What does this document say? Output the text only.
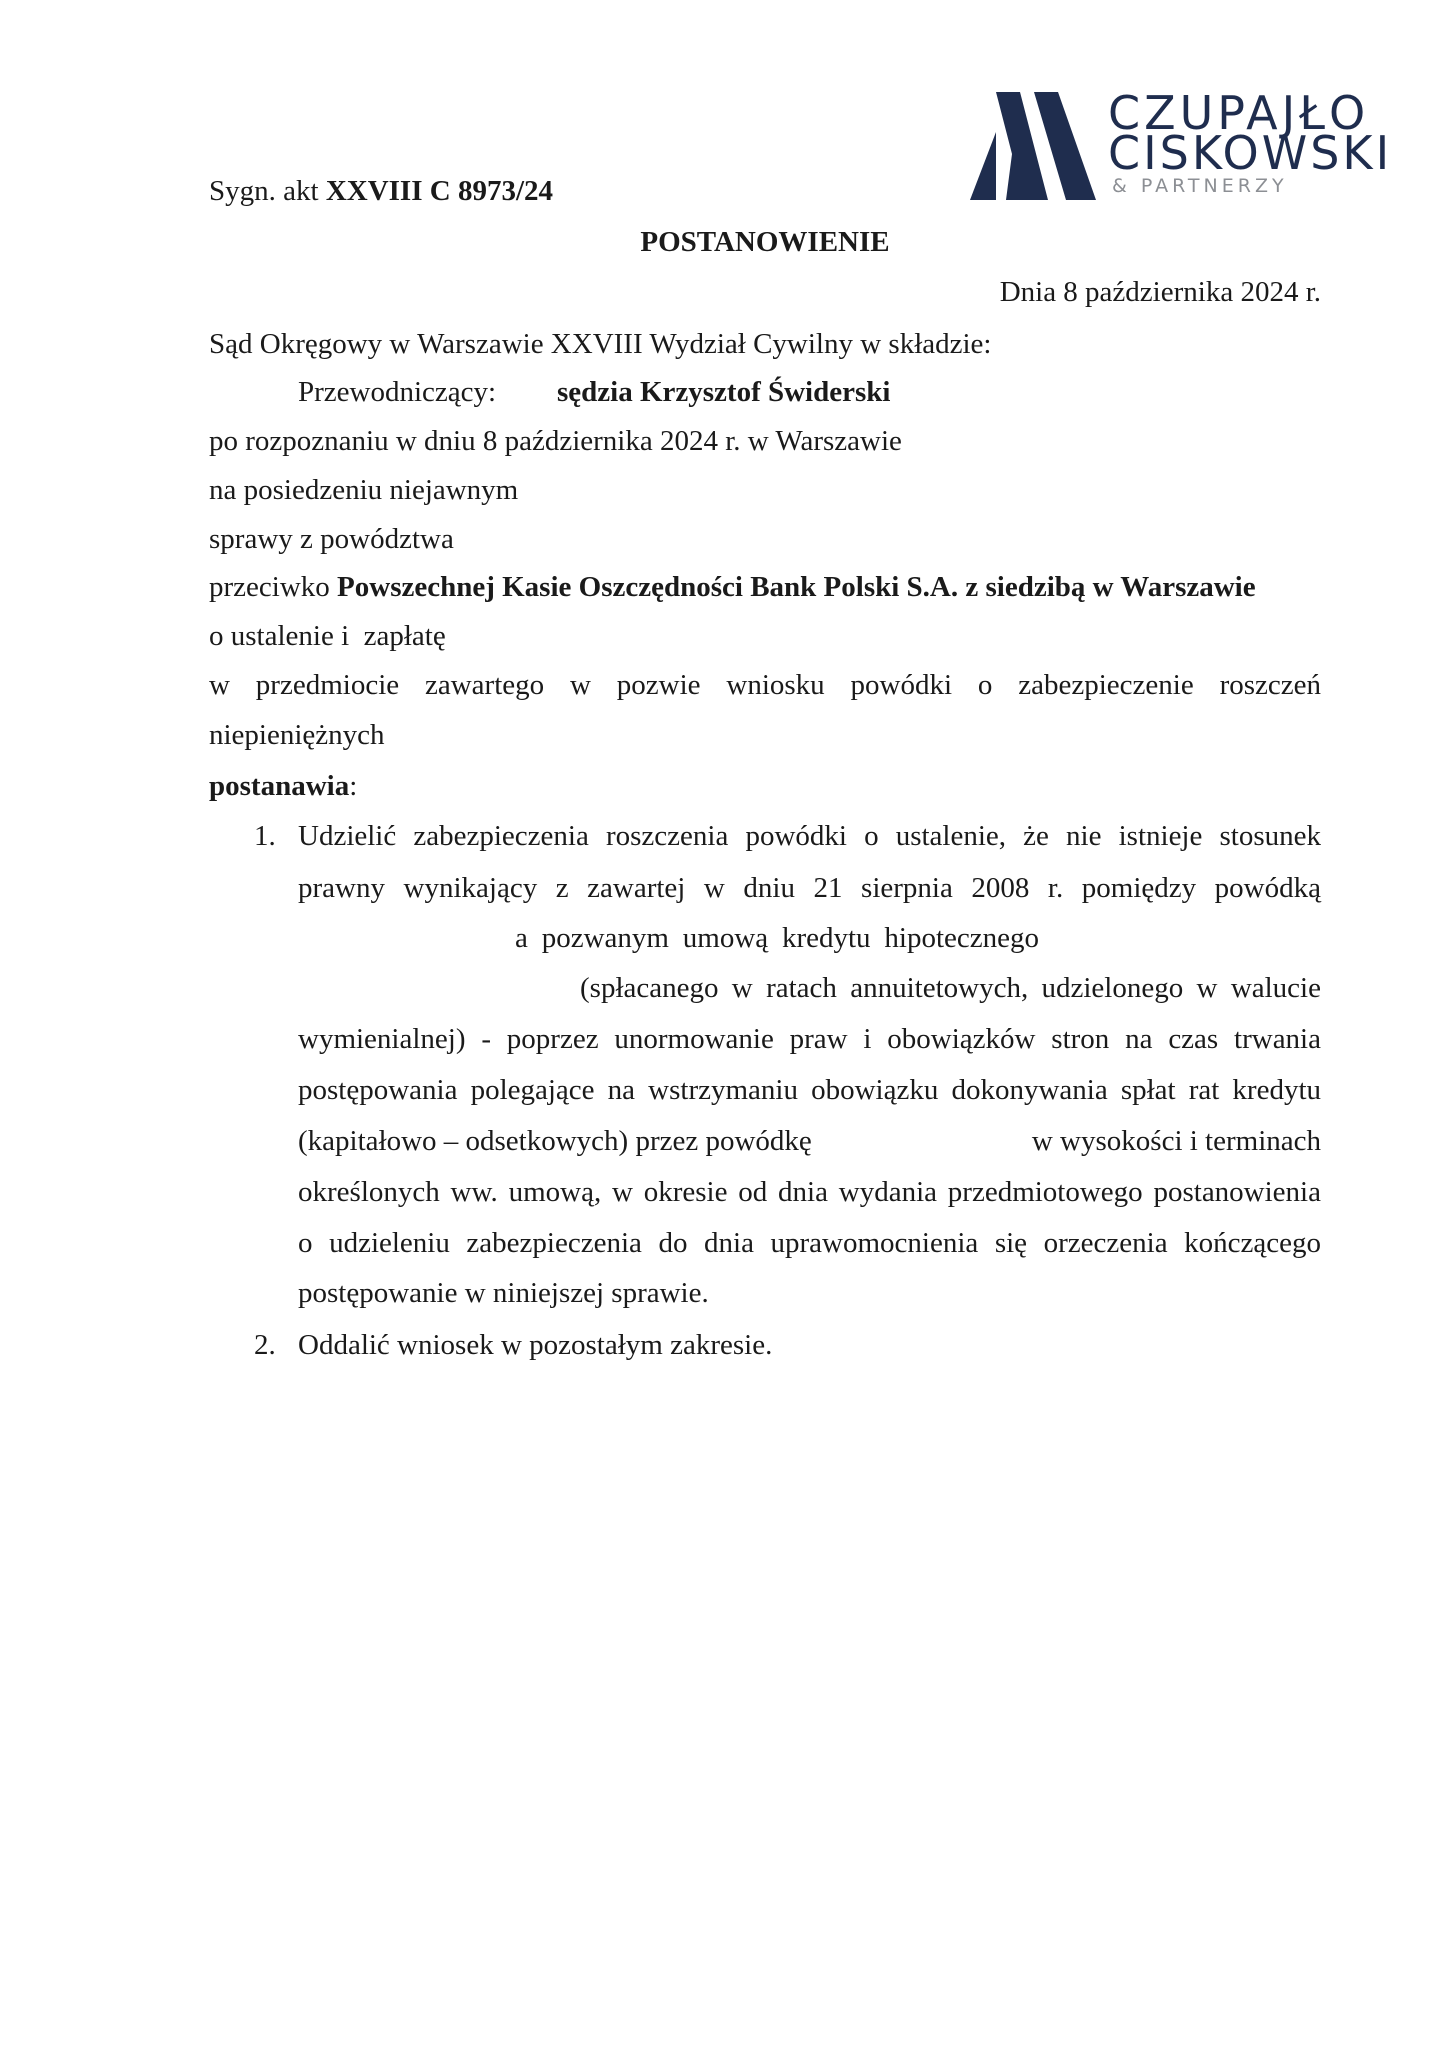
CZUPAJŁO
CISKOWSKI
& PARTNERZY
Sygn. akt XXVIII C 8973/24
POSTANOWIENIE
Dnia 8 października 2024 r.
Sąd Okręgowy w Warszawie XXVIII Wydział Cywilny w składzie:
Przewodniczący: sędzia Krzysztof Świderski
po rozpoznaniu w dniu 8 października 2024 r. w Warszawie
na posiedzeniu niejawnym
sprawy z powództwa
przeciwko Powszechnej Kasie Oszczędności Bank Polski S.A. z siedzibą w Warszawie
o ustalenie i  zapłatę
w przedmiocie zawartego w pozwie wniosku powódki o zabezpieczenie roszczeń
niepieniężnych
postanawia:
1. Udzielić zabezpieczenia roszczenia powódki o ustalenie, że nie istnieje stosunek
prawny wynikający z zawartej w dniu 21 sierpnia 2008 r. pomiędzy powódką
a pozwanym umową kredytu hipotecznego
(spłacanego w ratach annuitetowych, udzielonego w walucie
wymienialnej) - poprzez unormowanie praw i obowiązków stron na czas trwania
postępowania polegające na wstrzymaniu obowiązku dokonywania spłat rat kredytu
(kapitałowo – odsetkowych) przez powódkę	w wysokości i terminach
określonych ww. umową, w okresie od dnia wydania przedmiotowego postanowienia
o udzieleniu zabezpieczenia do dnia uprawomocnienia się orzeczenia kończącego
postępowanie w niniejszej sprawie.
2. Oddalić wniosek w pozostałym zakresie.
